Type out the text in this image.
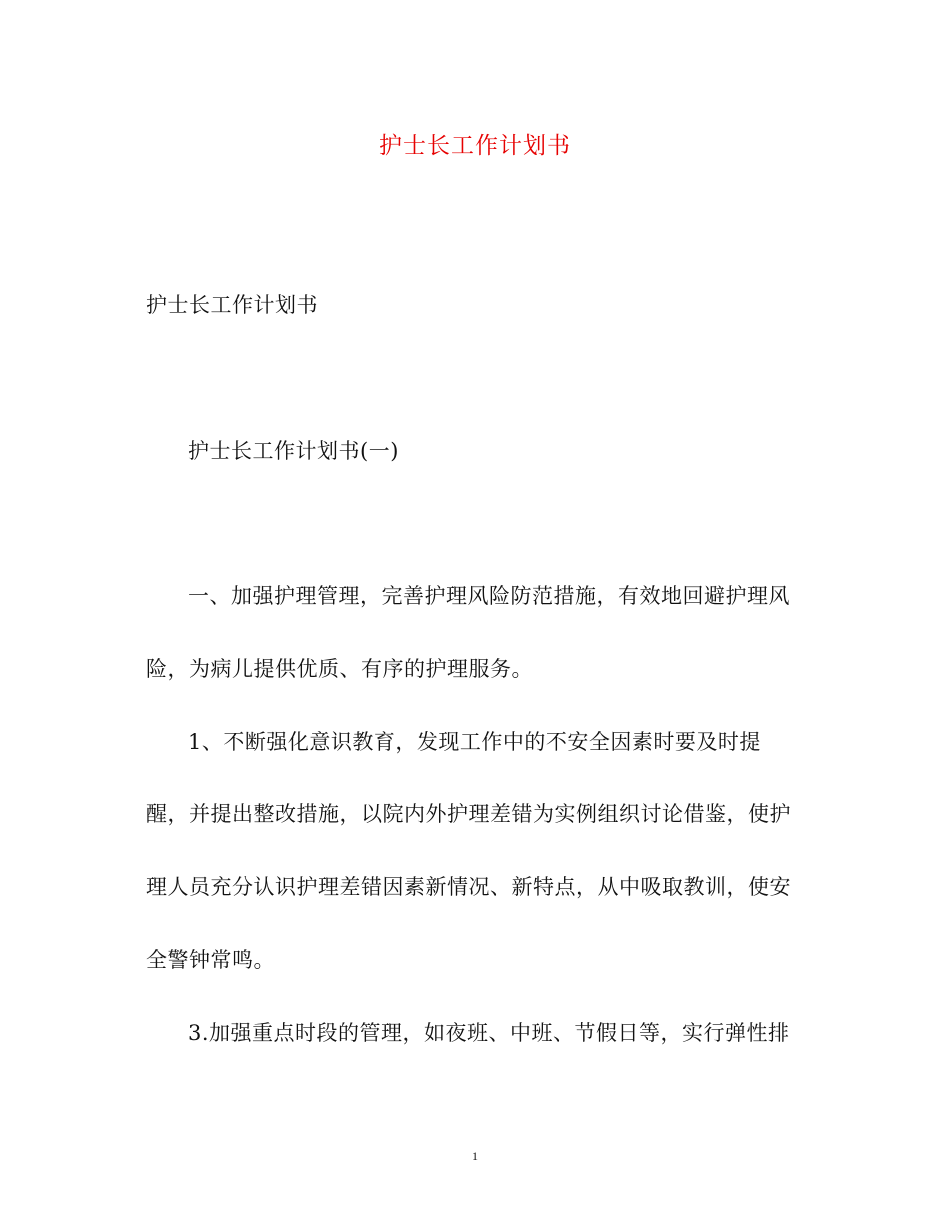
护士长工作计划书
护士长工作计划书
护士长工作计划书(一)
一、加强护理管理，完善护理风险防范措施，有效地回避护理风
险，为病儿提供优质、有序的护理服务。
1、不断强化意识教育，发现工作中的不安全因素时要及时提
醒，并提出整改措施，以院内外护理差错为实例组织讨论借鉴，使护
理人员充分认识护理差错因素新情况、新特点，从中吸取教训，使安
全警钟常鸣。
3.加强重点时段的管理，如夜班、中班、节假日等，实行弹性排
1
